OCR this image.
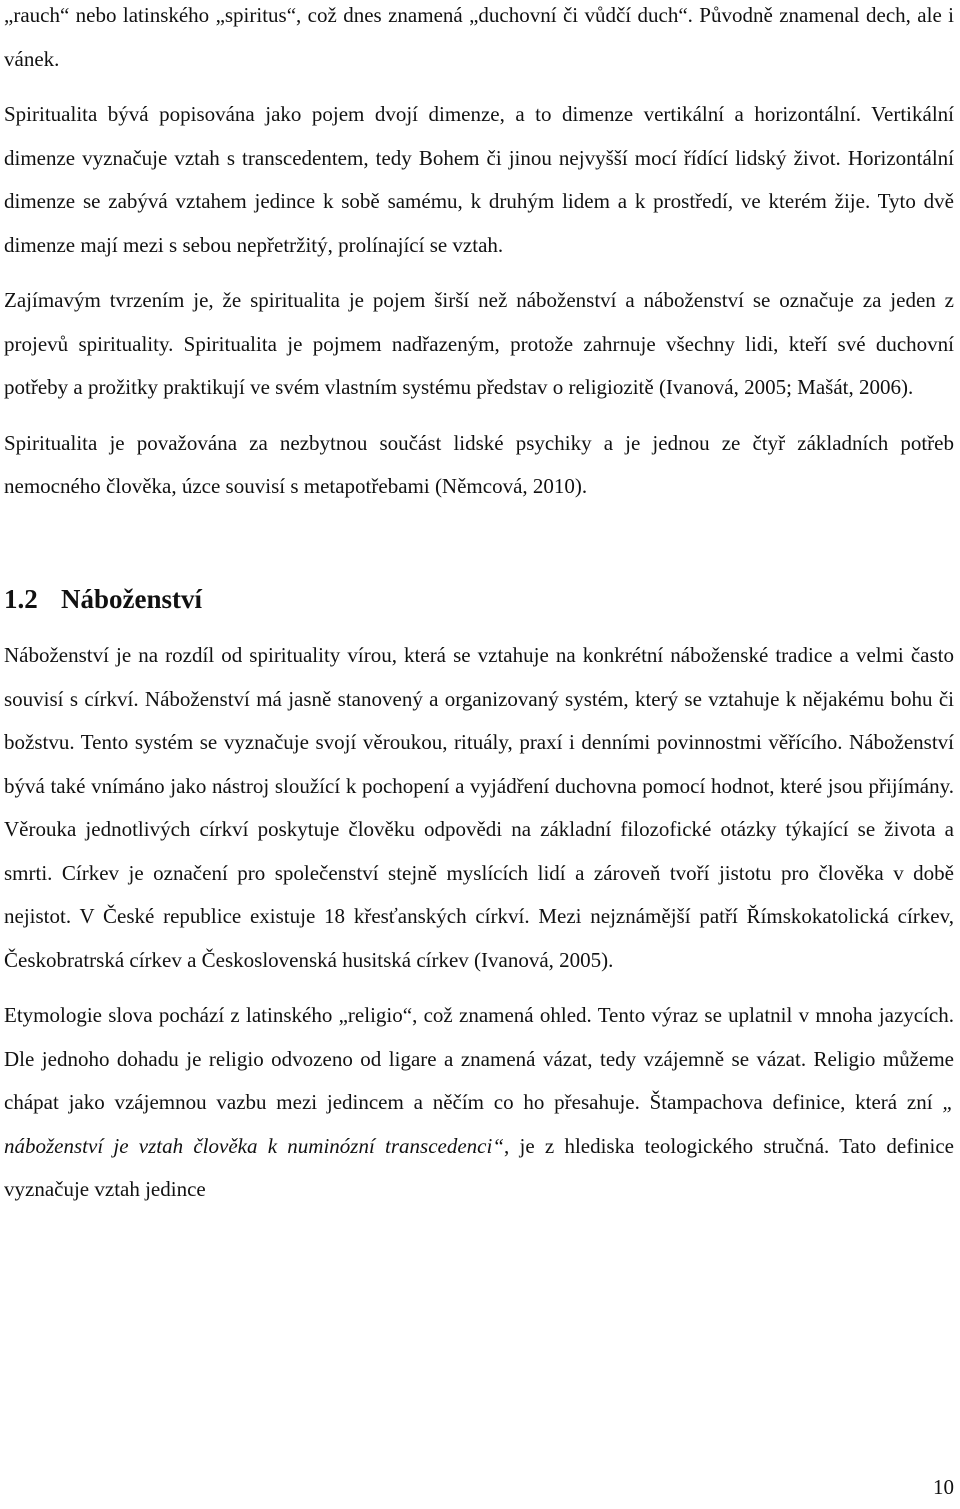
„rauch“ nebo latinského „spiritus“, což dnes znamená „duchovní či vůdčí duch“. Původně znamenal dech, ale i vánek.

Spiritualita bývá popisována jako pojem dvojí dimenze, a to dimenze vertikální a horizontální. Vertikální dimenze vyznačuje vztah s transcedentem, tedy Bohem či jinou nejvyšší mocí řídící lidský život. Horizontální dimenze se zabývá vztahem jedince k sobě samému, k druhým lidem a k prostředí, ve kterém žije. Tyto dvě dimenze mají mezi s sebou nepřetržitý, prolínající se vztah.

Zajímavým tvrzením je, že spiritualita je pojem širší než náboženství a náboženství se označuje za jeden z projevů spirituality. Spiritualita je pojmem nadřazeným, protože zahrnuje všechny lidi, kteří své duchovní potřeby a prožitky praktikují ve svém vlastním systému představ o religiozitě (Ivanová, 2005; Mašát, 2006).

Spiritualita je považována za nezbytnou součást lidské psychiky a je jednou ze čtyř základních potřeb nemocného člověka, úzce souvisí s metapotřebami (Němcová, 2010).

1.2 Náboženství

Náboženství je na rozdíl od spirituality vírou, která se vztahuje na konkrétní náboženské tradice a velmi často souvisí s církví. Náboženství má jasně stanovený a organizovaný systém, který se vztahuje k nějakému bohu či božstvu. Tento systém se vyznačuje svojí věroukou, rituály, praxí i denními povinnostmi věřícího. Náboženství bývá také vnímáno jako nástroj sloužící k pochopení a vyjádření duchovna pomocí hodnot, které jsou přijímány. Věrouka jednotlivých církví poskytuje člověku odpovědi na základní filozofické otázky týkající se života a smrti. Církev je označení pro společenství stejně myslících lidí a zároveň tvoří jistotu pro člověka v době nejistot. V České republice existuje 18 křesťanských církví. Mezi nejznámější patří Římskokatolická církev, Českobratrská církev a Československá husitská církev (Ivanová, 2005).

Etymologie slova pochází z latinského „religio“, což znamená ohled. Tento výraz se uplatnil v mnoha jazycích. Dle jednoho dohadu je religio odvozeno od ligare a znamená vázat, tedy vzájemně se vázat. Religio můžeme chápat jako vzájemnou vazbu mezi jedincem a něčím co ho přesahuje. Štampachova definice, která zní „ náboženství je vztah člověka k numinózní transcedenci“, je z hlediska teologického stručná. Tato definice vyznačuje vztah jedince

10
